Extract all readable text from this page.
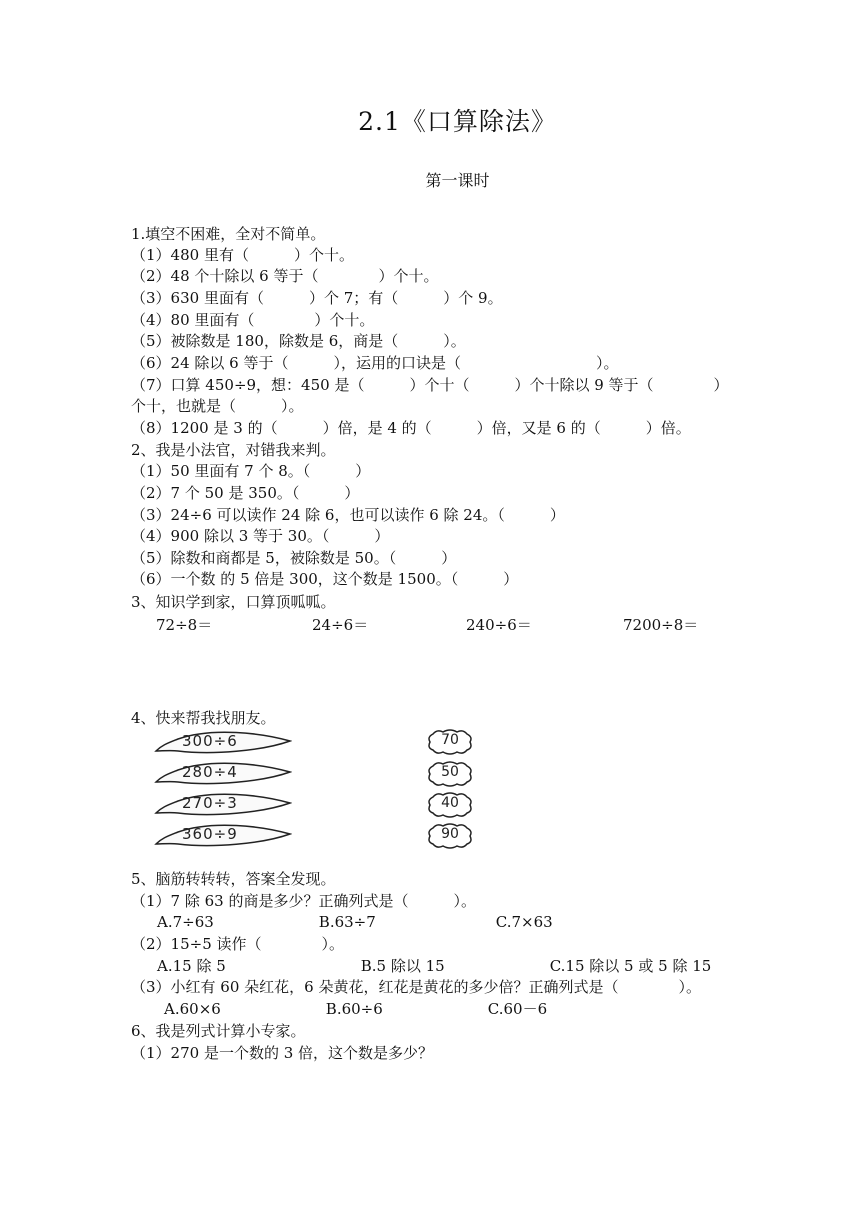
2.1《口算除法》
第一课时
1.填空不困难，全对不简单。
（1）480 里有（　　　）个十。
（2）48 个十除以 6 等于（　　　　）个十。
（3）630 里面有（　　　）个 7；有（　　　）个 9。
（4）80 里面有（　　　　）个十。
（5）被除数是 180，除数是 6，商是（　　　）。
（6）24 除以 6 等于（　　　），运用的口诀是（　　　　　　　　　）。
（7）口算 450÷9，想：450 是（　　　）个十（　　　）个十除以 9 等于（　　　　）
个十，也就是（　　　）。
（8）1200 是 3 的（　　　）倍，是 4 的（　　　）倍，又是 6 的（　　　）倍。
2、我是小法官，对错我来判。
（1）50 里面有 7 个 8。（　　　）
（2）7 个 50 是 350。（　　　）
（3）24÷6 可以读作 24 除 6，也可以读作 6 除 24。（　　　）
（4）900 除以 3 等于 30。（　　　）
（5）除数和商都是 5，被除数是 50。（　　　）
（6）一个数 的 5 倍是 300，这个数是 1500。（　　　）
3、知识学到家，口算顶呱呱。
72÷8＝	24÷6＝	240÷6＝	7200÷8＝
4、快来帮我找朋友。
300÷6
280÷4
270÷3
360÷9
70
50
40
90
5、脑筋转转转，答案全发现。
（1）7 除 63 的商是多少？正确列式是（　　　）。
A.7÷63　　　　　　　B.63÷7　　　　　　　　C.7×63
（2）15÷5 读作（　　　　）。
A.15 除 5　　　　　　　　　B.5 除以 15　　　　　　　C.15 除以 5 或 5 除 15
（3）小红有 60 朵红花，6 朵黄花，红花是黄花的多少倍？正确列式是（　　　　）。
A.60×6　　　　　　　B.60÷6　　　　　　　C.60－6
6、我是列式计算小专家。
（1）270 是一个数的 3 倍，这个数是多少？
